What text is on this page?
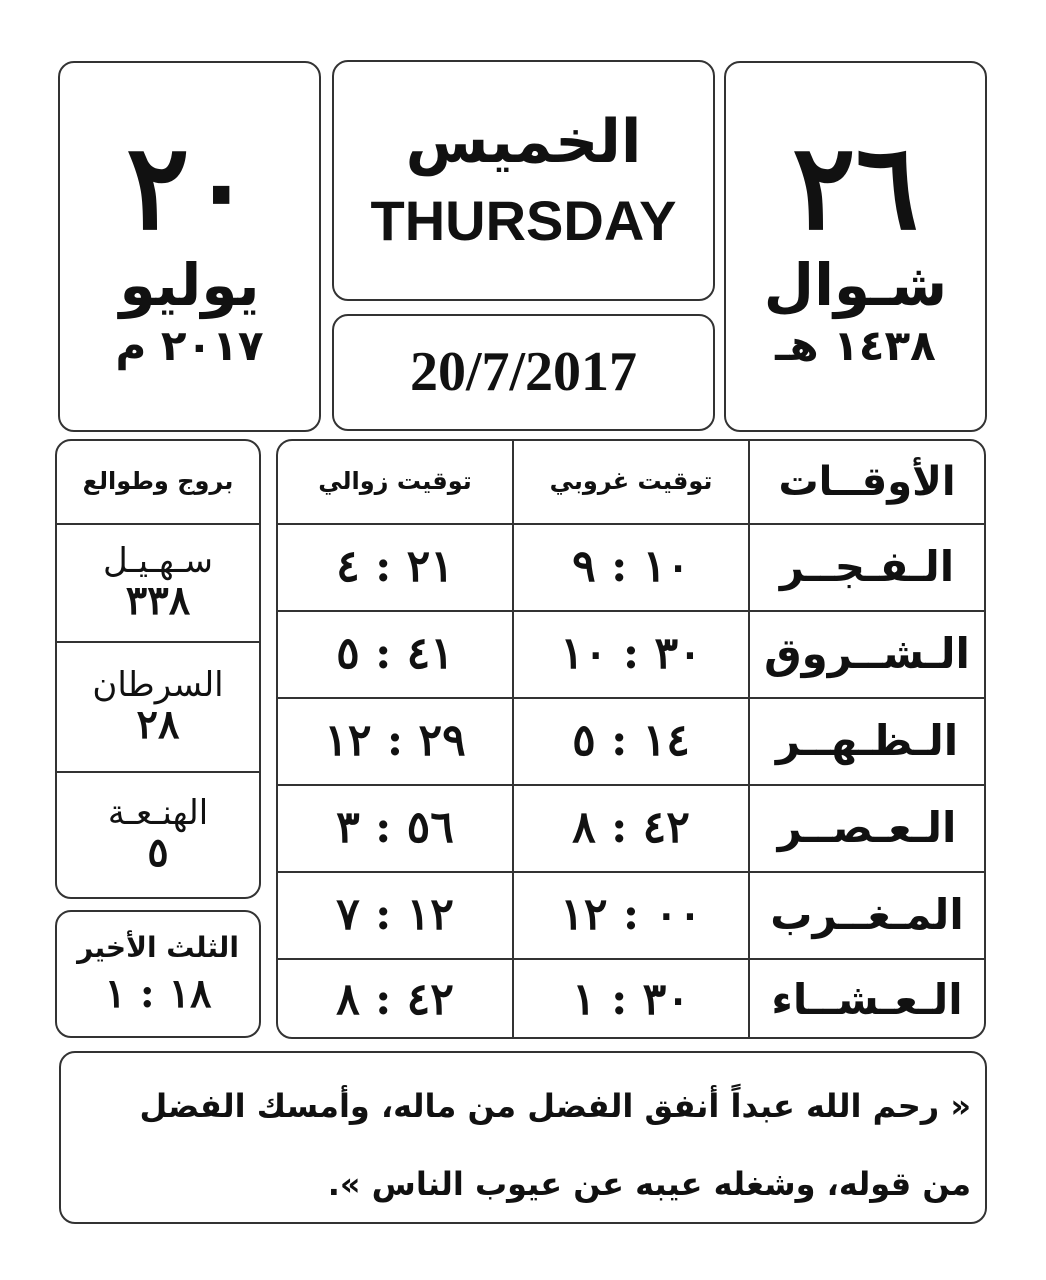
٢٠
يوليو
٢٠١٧ م
الخميس
THURSDAY
20/7/2017
٢٦
شـوال
١٤٣٨ هـ
الأوقــات
توقيت غروبي
توقيت زوالي
الـفـجــر
١٠ : ٩
٢١ : ٤
الـشــروق
٣٠ : ١٠
٤١ : ٥
الـظـهــر
١٤ : ٥
٢٩ : ١٢
الـعـصــر
٤٢ : ٨
٥٦ : ٣
المـغــرب
٠٠ : ١٢
١٢ : ٧
الـعـشــاء
٣٠ : ١
٤٢ : ٨
بروج وطوالع
سـهـيـل
٣٣٨
السرطان
٢٨
الهنـعـة
٥
الثلث الأخير
١٨ : ١
« رحم الله عبداً أنفق الفضل من ماله، وأمسك الفضل
من قوله، وشغله عيبه عن عيوب الناس ».
